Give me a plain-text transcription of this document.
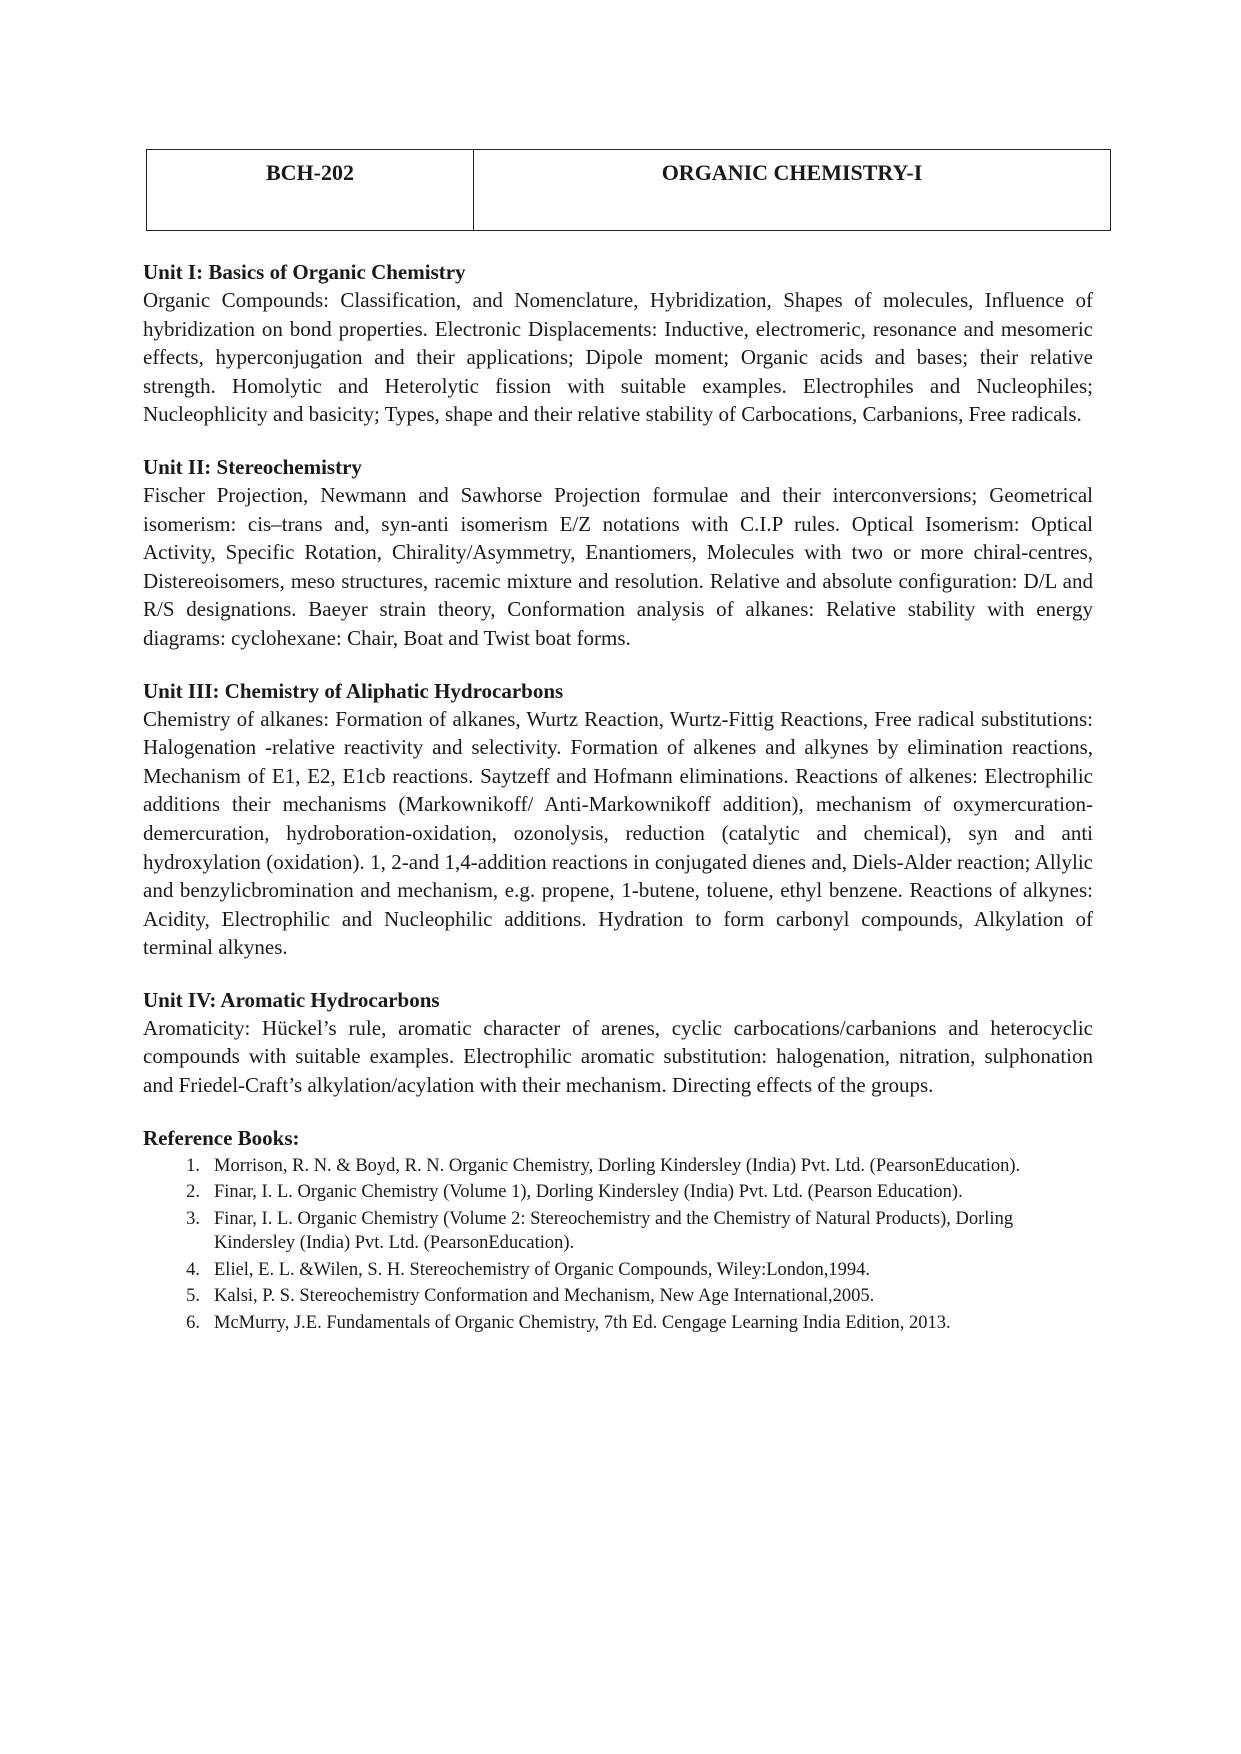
BCH-202	ORGANIC CHEMISTRY-I
Unit I: Basics of Organic Chemistry
Organic Compounds: Classification, and Nomenclature, Hybridization, Shapes of molecules, Influence of hybridization on bond properties. Electronic Displacements: Inductive, electromeric, resonance and mesomeric effects, hyperconjugation and their applications; Dipole moment; Organic acids and bases; their relative strength. Homolytic and Heterolytic fission with suitable examples. Electrophiles and Nucleophiles; Nucleophlicity and basicity; Types, shape and their relative stability of Carbocations, Carbanions, Free radicals.
Unit II: Stereochemistry
Fischer Projection, Newmann and Sawhorse Projection formulae and their interconversions; Geometrical isomerism: cis–trans and, syn-anti isomerism E/Z notations with C.I.P rules. Optical Isomerism: Optical Activity, Specific Rotation, Chirality/Asymmetry, Enantiomers, Molecules with two or more chiral-centres, Distereoisomers, meso structures, racemic mixture and resolution. Relative and absolute configuration: D/L and R/S designations. Baeyer strain theory, Conformation analysis of alkanes: Relative stability with energy diagrams: cyclohexane: Chair, Boat and Twist boat forms.
Unit III: Chemistry of Aliphatic Hydrocarbons
Chemistry of alkanes: Formation of alkanes, Wurtz Reaction, Wurtz-Fittig Reactions, Free radical substitutions: Halogenation -relative reactivity and selectivity. Formation of alkenes and alkynes by elimination reactions, Mechanism of E1, E2, E1cb reactions. Saytzeff and Hofmann eliminations. Reactions of alkenes: Electrophilic additions their mechanisms (Markownikoff/ Anti-Markownikoff addition), mechanism of oxymercuration-demercuration, hydroboration-oxidation, ozonolysis, reduction (catalytic and chemical), syn and anti hydroxylation (oxidation). 1, 2-and 1,4-addition reactions in conjugated dienes and, Diels-Alder reaction; Allylic and benzylicbromination and mechanism, e.g. propene, 1-butene, toluene, ethyl benzene. Reactions of alkynes: Acidity, Electrophilic and Nucleophilic additions. Hydration to form carbonyl compounds, Alkylation of terminal alkynes.
Unit IV: Aromatic Hydrocarbons
Aromaticity: Hückel’s rule, aromatic character of arenes, cyclic carbocations/carbanions and heterocyclic compounds with suitable examples. Electrophilic aromatic substitution: halogenation, nitration, sulphonation and Friedel-Craft’s alkylation/acylation with their mechanism. Directing effects of the groups.
Reference Books:
1. Morrison, R. N. & Boyd, R. N. Organic Chemistry, Dorling Kindersley (India) Pvt. Ltd. (PearsonEducation).
2. Finar, I. L. Organic Chemistry (Volume 1), Dorling Kindersley (India) Pvt. Ltd. (Pearson Education).
3. Finar, I. L. Organic Chemistry (Volume 2: Stereochemistry and the Chemistry of Natural Products), Dorling Kindersley (India) Pvt. Ltd. (PearsonEducation).
4. Eliel, E. L. &Wilen, S. H. Stereochemistry of Organic Compounds, Wiley:London,1994.
5. Kalsi, P. S. Stereochemistry Conformation and Mechanism, New Age International,2005.
6. McMurry, J.E. Fundamentals of Organic Chemistry, 7th Ed. Cengage Learning India Edition, 2013.
